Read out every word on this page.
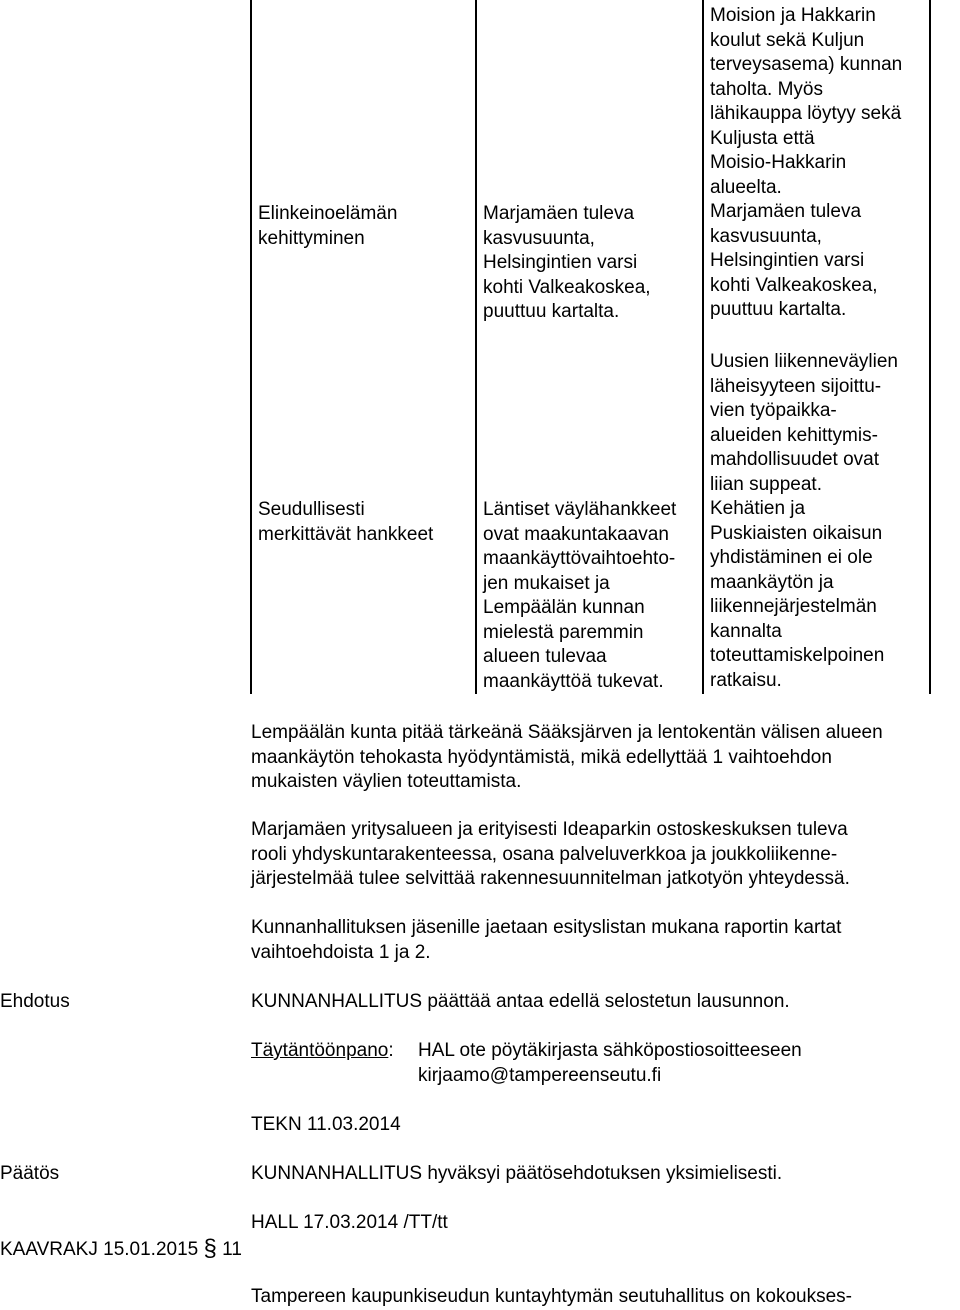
Elinkeinoelämän
kehittyminen
Marjamäen tuleva
kasvusuunta,
Helsingintien varsi
kohti Valkeakoskea,
puuttuu kartalta.
Moision ja Hakkarin
koulut sekä Kuljun
terveysasema) kunnan
taholta. Myös
lähikauppa löytyy sekä
Kuljusta että
Moisio-Hakkarin
alueelta.
Marjamäen tuleva
kasvusuunta,
Helsingintien varsi
kohti Valkeakoskea,
puuttuu kartalta.
Seudullisesti
merkittävät hankkeet
Läntiset väylähankkeet
ovat maakuntakaavan
maankäyttövaihtoehto-
jen mukaiset ja
Lempäälän kunnan
mielestä paremmin
alueen tulevaa
maankäyttöä tukevat.
Uusien liikenneväylien
läheisyyteen sijoittu-
vien työpaikka-
alueiden kehittymis-
mahdollisuudet ovat
liian suppeat.
Kehätien ja
Puskiaisten oikaisun
yhdistäminen ei ole
maankäytön ja
liikennejärjestelmän
kannalta
toteuttamiskelpoinen
ratkaisu.
Lempäälän kunta pitää tärkeänä Sääksjärven ja lentokentän välisen alueen
maankäytön tehokasta hyödyntämistä, mikä edellyttää 1 vaihtoehdon
mukaisten väylien toteuttamista.
Marjamäen yritysalueen ja erityisesti Ideaparkin ostoskeskuksen tuleva
rooli yhdyskuntarakenteessa, osana palveluverkkoa ja joukkoliikenne-
järjestelmää tulee selvittää rakennesuunnitelman jatkotyön yhteydessä.
Kunnanhallituksen jäsenille jaetaan esityslistan mukana raportin kartat
vaihtoehdoista 1 ja 2.
Ehdotus	KUNNANHALLITUS päättää antaa edellä selostetun lausunnon.
Täytäntöönpano: HAL ote pöytäkirjasta sähköpostiosoitteeseen
kirjaamo@tampereenseutu.fi
TEKN 11.03.2014
Päätös	KUNNANHALLITUS hyväksyi päätösehdotuksen yksimielisesti.
HALL 17.03.2014 /TT/tt
KAAVRAKJ 15.01.2015 § 11
Tampereen kaupunkiseudun kuntayhtymän seutuhallitus on kokoukses-
